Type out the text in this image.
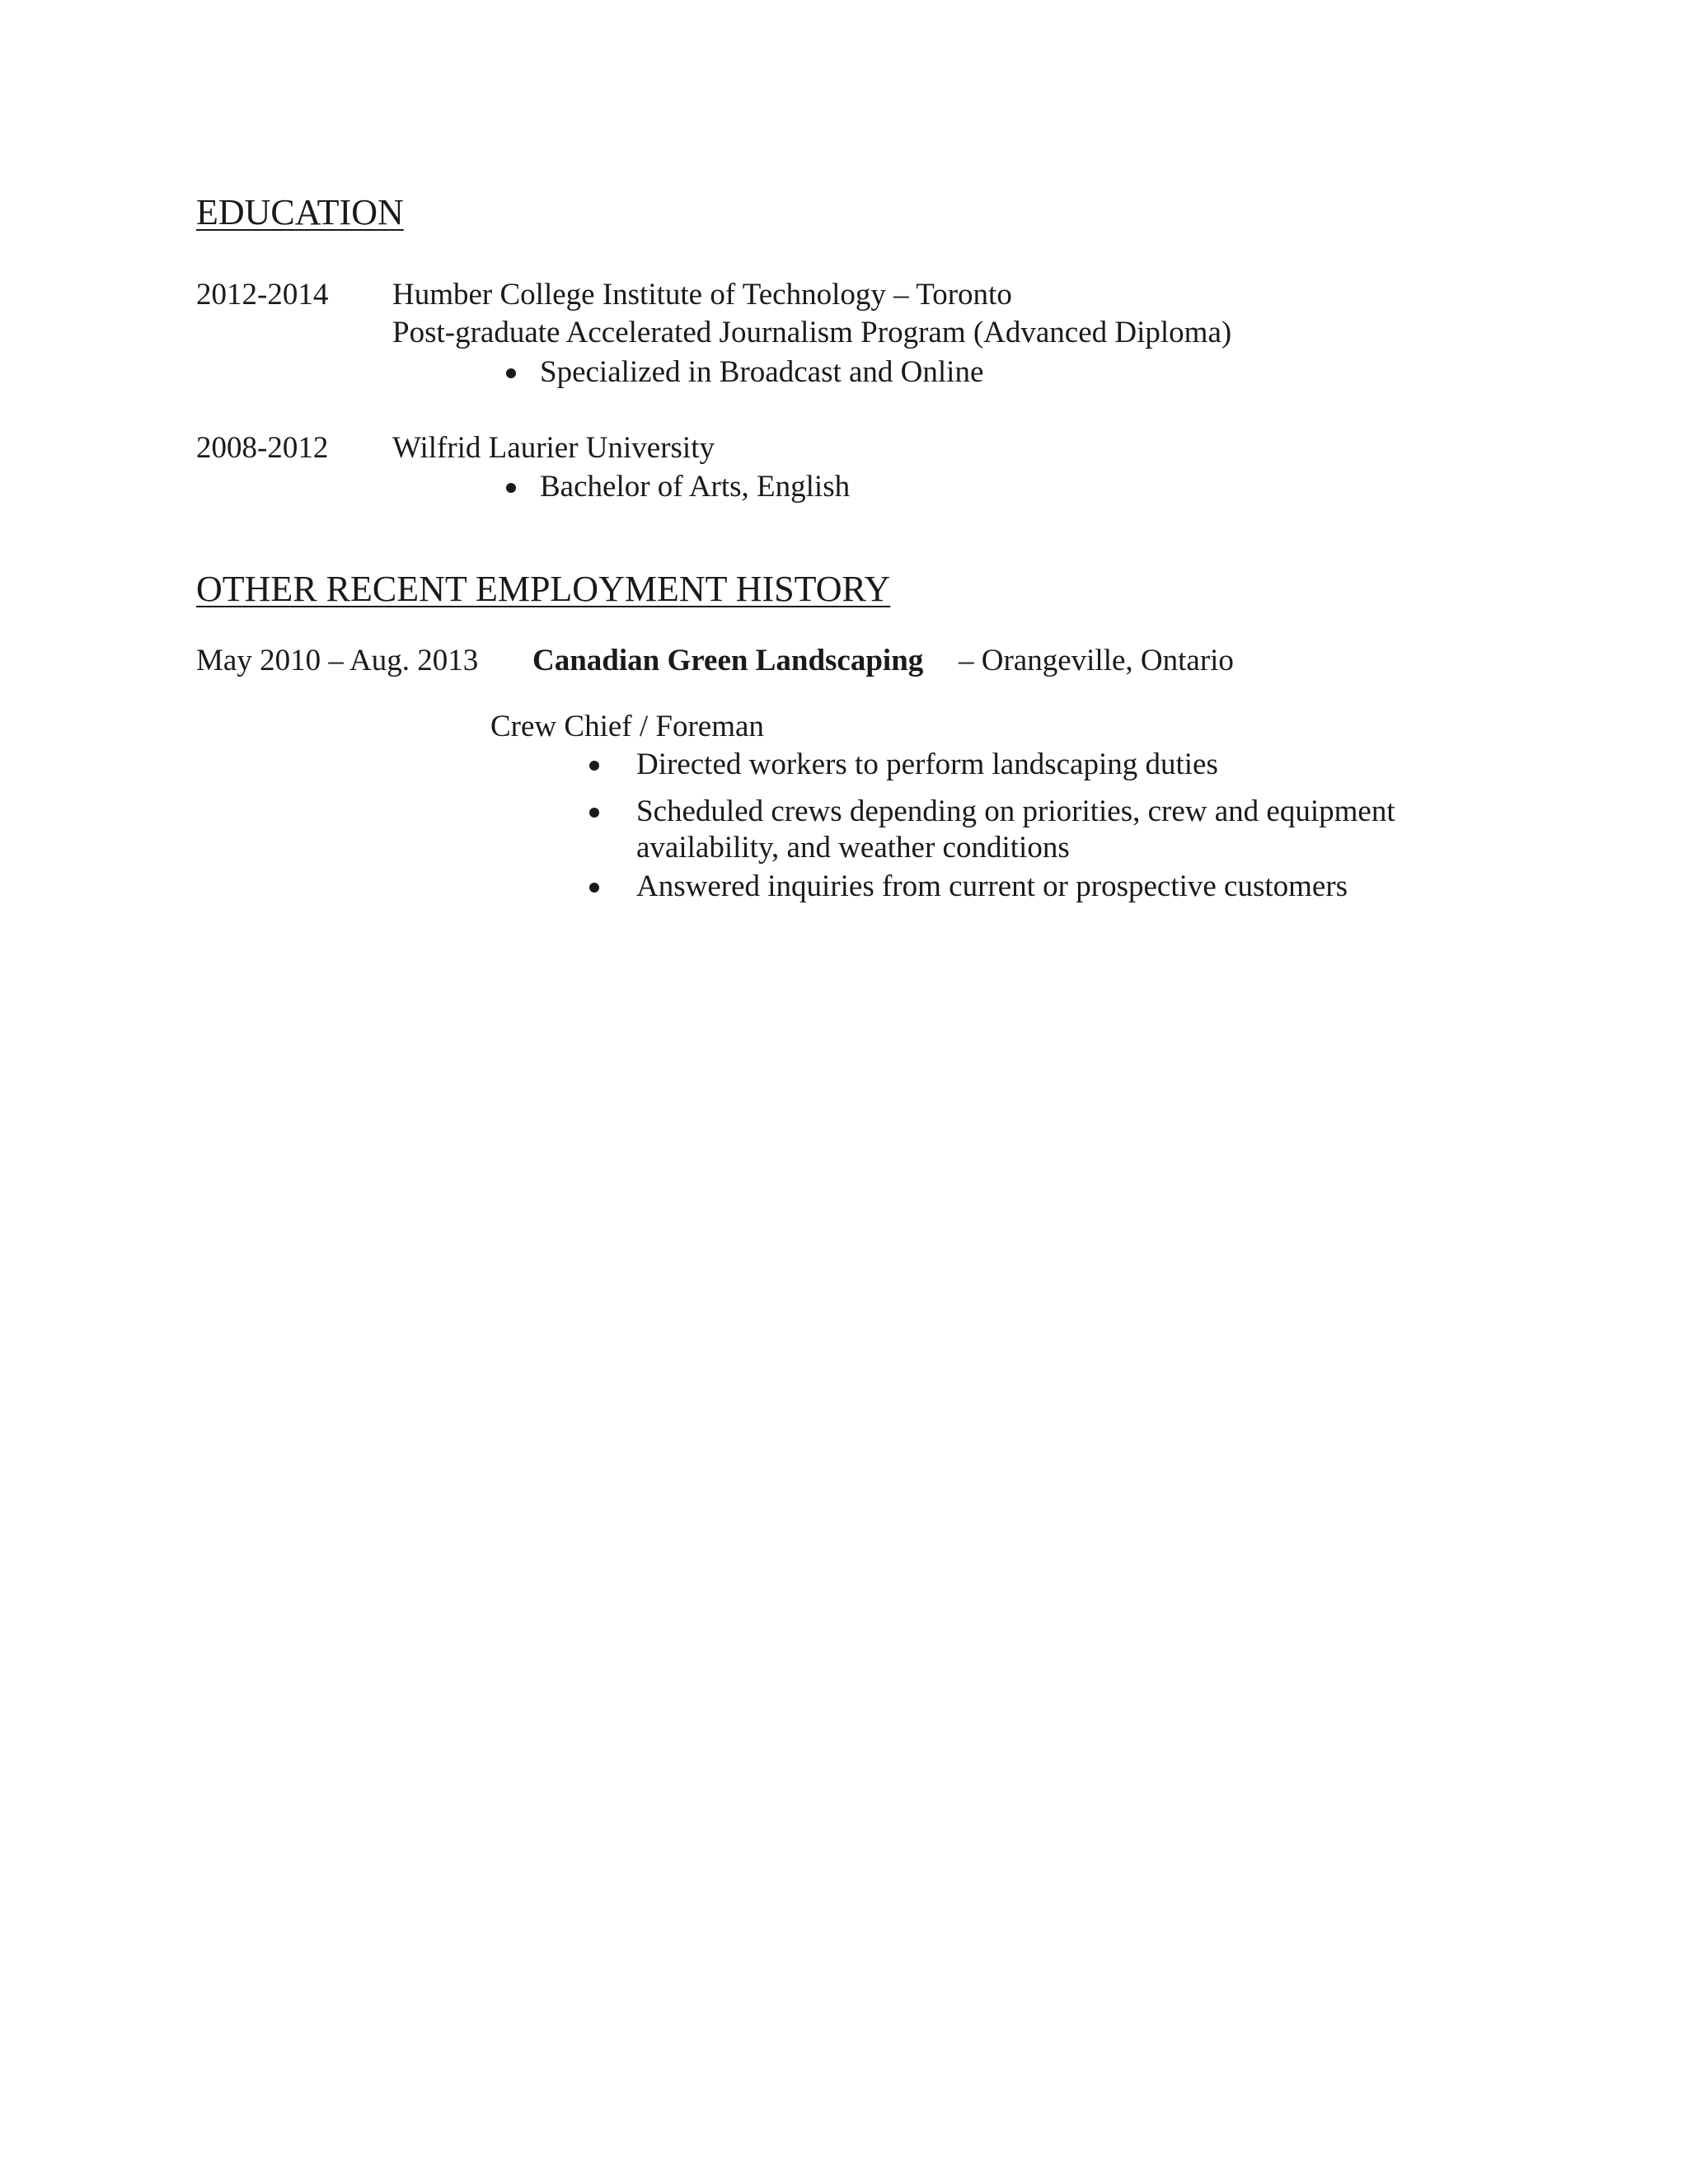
EDUCATION
2012-2014 Humber College Institute of Technology – Toronto
Post-graduate Accelerated Journalism Program (Advanced Diploma)
Specialized in Broadcast and Online
2008-2012 Wilfrid Laurier University
Bachelor of Arts, English
OTHER RECENT EMPLOYMENT HISTORY
May 2010 – Aug. 2013 Canadian Green Landscaping – Orangeville, Ontario
Crew Chief / Foreman
Directed workers to perform landscaping duties
Scheduled crews depending on priorities, crew and equipment
availability, and weather conditions
Answered inquiries from current or prospective customers
